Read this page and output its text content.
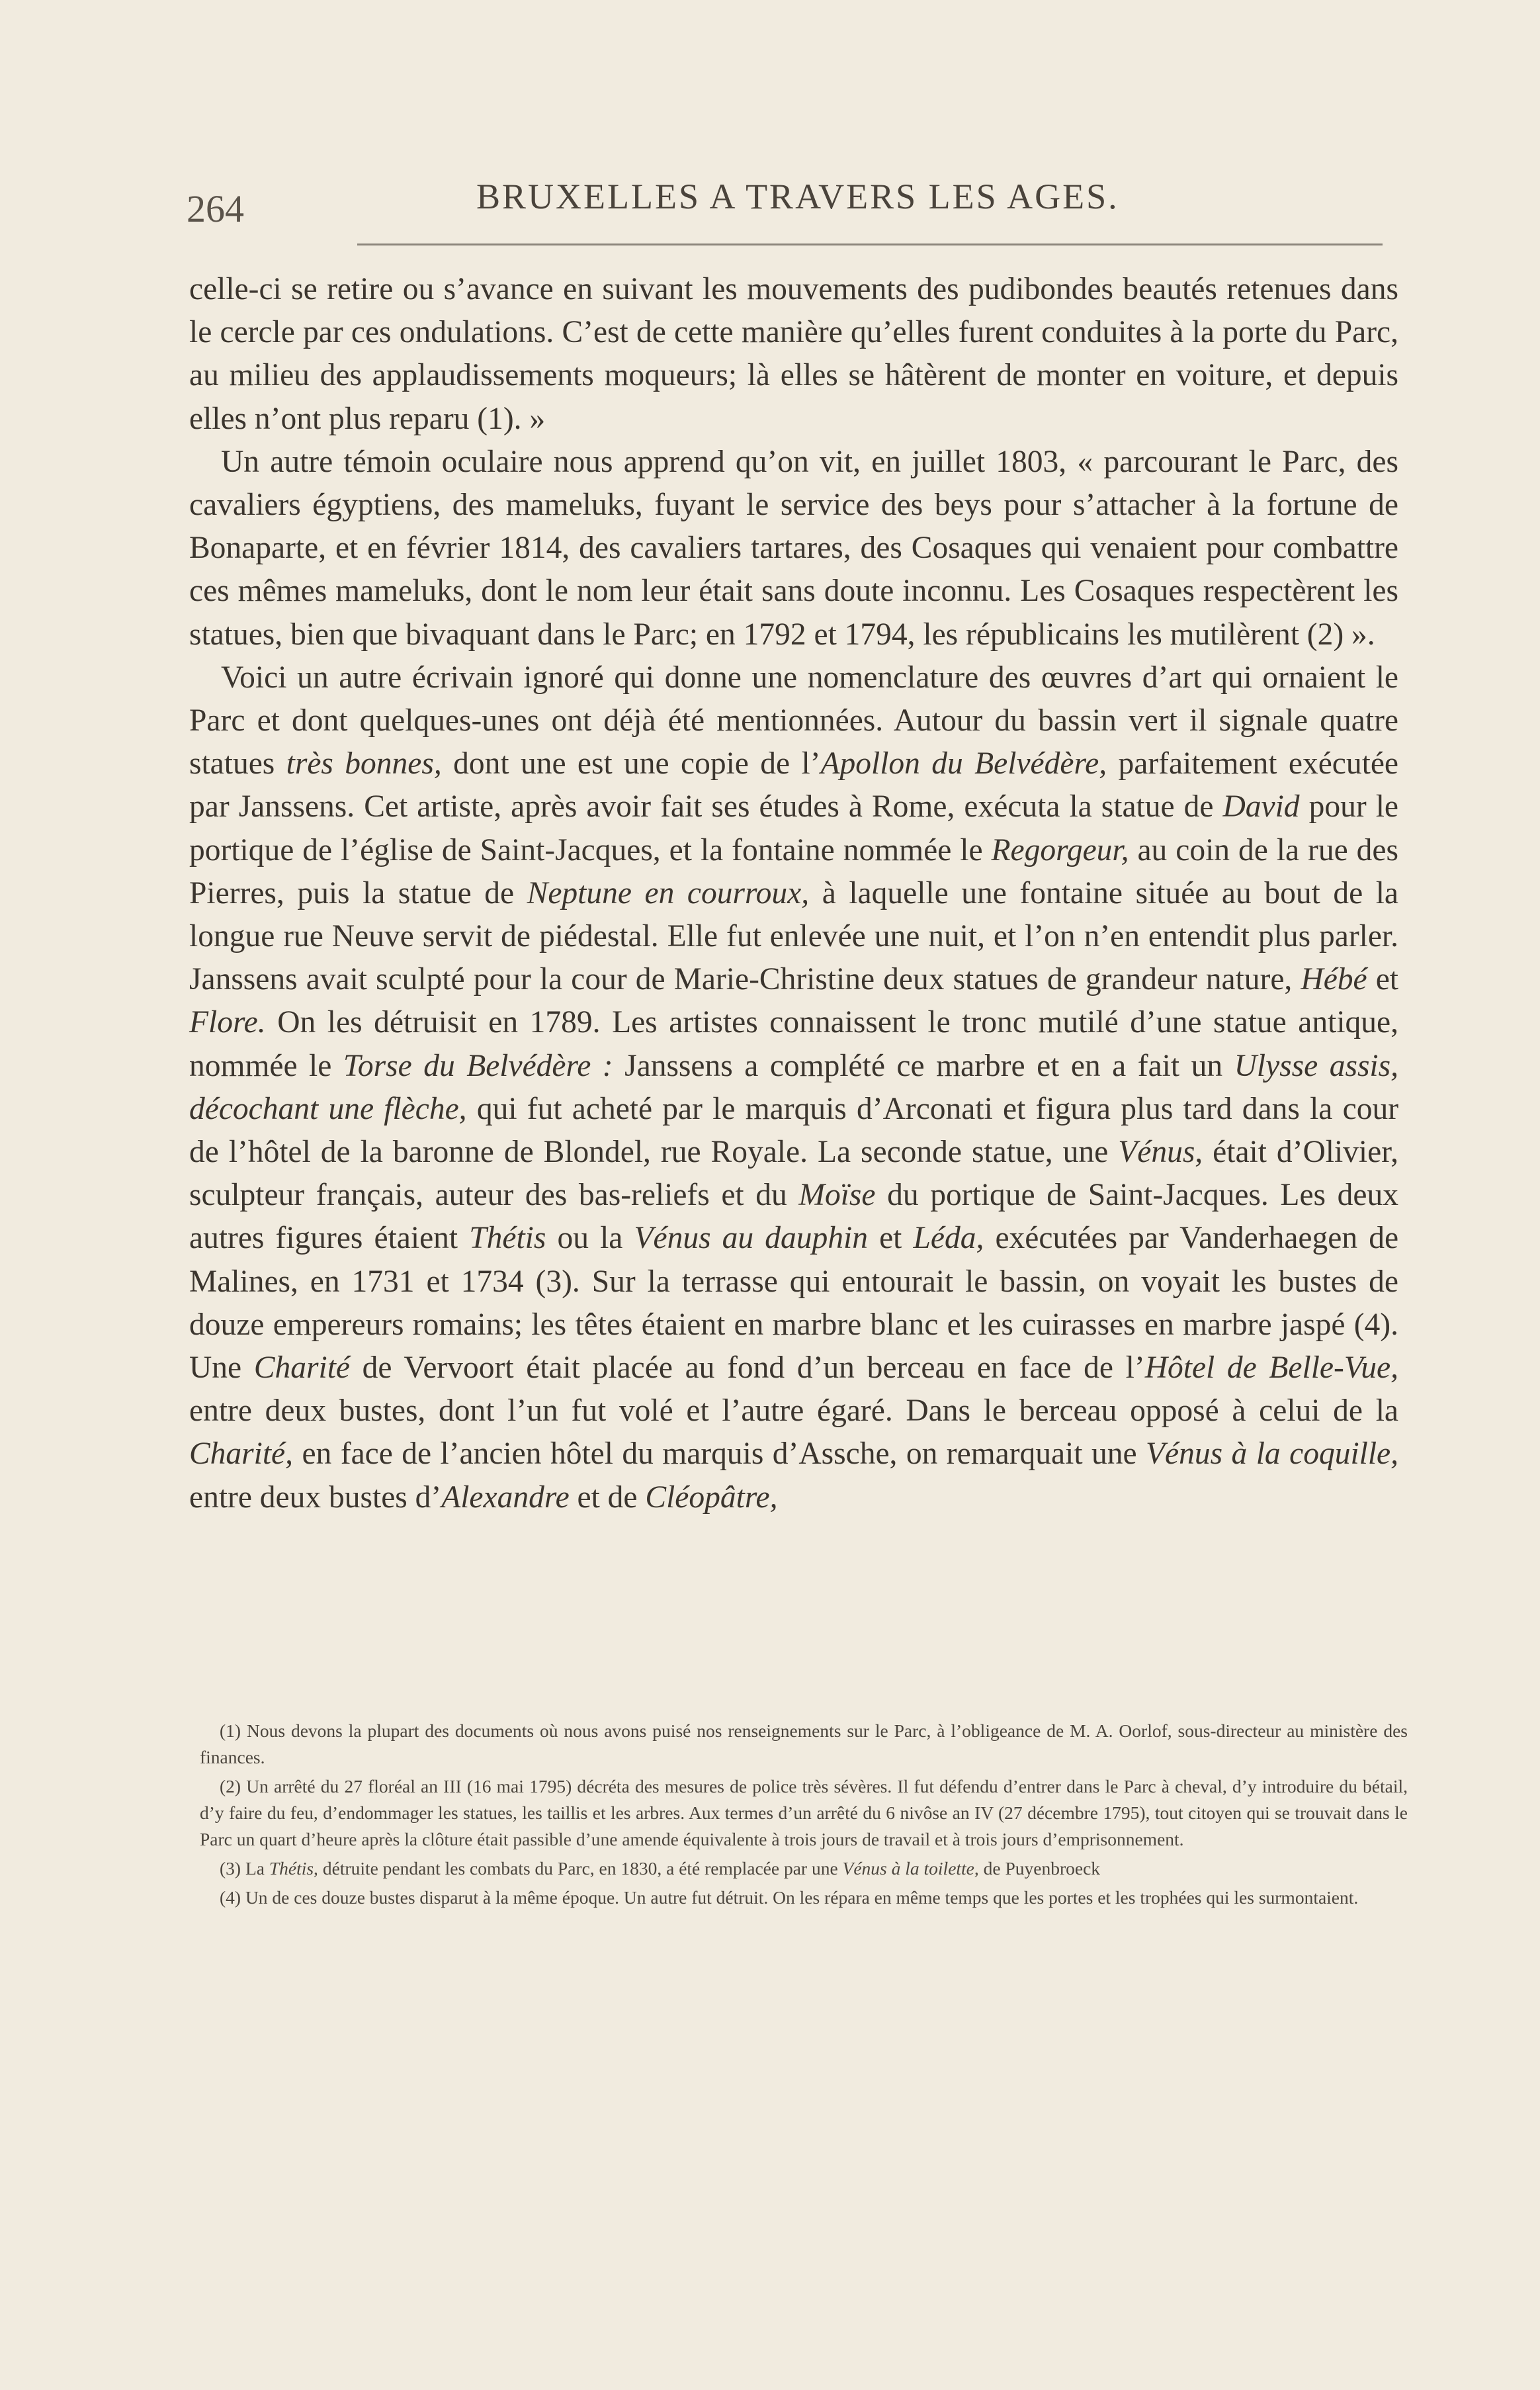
264	BRUXELLES A TRAVERS LES AGES.

celle-ci se retire ou s’avance en suivant les mouvements des pudibondes beautés retenues dans le cercle par ces ondulations. C’est de cette manière qu’elles furent conduites à la porte du Parc, au milieu des applaudissements moqueurs; là elles se hâtèrent de monter en voiture, et depuis elles n’ont plus reparu (1). »

Un autre témoin oculaire nous apprend qu’on vit, en juillet 1803, « parcourant le Parc, des cavaliers égyptiens, des mameluks, fuyant le service des beys pour s’attacher à la fortune de Bonaparte, et en février 1814, des cavaliers tartares, des Cosaques qui venaient pour combattre ces mêmes mameluks, dont le nom leur était sans doute inconnu. Les Cosaques respectèrent les statues, bien que bivaquant dans le Parc; en 1792 et 1794, les républicains les mutilèrent (2) ».

Voici un autre écrivain ignoré qui donne une nomenclature des œuvres d’art qui ornaient le Parc et dont quelques-unes ont déjà été mentionnées. Autour du bassin vert il signale quatre statues très bonnes, dont une est une copie de l’Apollon du Belvédère, parfaitement exécutée par Janssens. Cet artiste, après avoir fait ses études à Rome, exécuta la statue de David pour le portique de l’église de Saint-Jacques, et la fontaine nommée le Regorgeur, au coin de la rue des Pierres, puis la statue de Neptune en courroux, à laquelle une fontaine située au bout de la longue rue Neuve servit de piédestal. Elle fut enlevée une nuit, et l’on n’en entendit plus parler. Janssens avait sculpté pour la cour de Marie-Christine deux statues de grandeur nature, Hébé et Flore. On les détruisit en 1789. Les artistes connaissent le tronc mutilé d’une statue antique, nommée le Torse du Belvédère : Janssens a complété ce marbre et en a fait un Ulysse assis, décochant une flèche, qui fut acheté par le marquis d’Arconati et figura plus tard dans la cour de l’hôtel de la baronne de Blondel, rue Royale. La seconde statue, une Vénus, était d’Olivier, sculpteur français, auteur des bas-reliefs et du Moïse du portique de Saint-Jacques. Les deux autres figures étaient Thétis ou la Vénus au dauphin et Léda, exécutées par Vanderhaegen de Malines, en 1731 et 1734 (3). Sur la terrasse qui entourait le bassin, on voyait les bustes de douze empereurs romains; les têtes étaient en marbre blanc et les cuirasses en marbre jaspé (4). Une Charité de Vervoort était placée au fond d’un berceau en face de l’Hôtel de Belle-Vue, entre deux bustes, dont l’un fut volé et l’autre égaré. Dans le berceau opposé à celui de la Charité, en face de l’ancien hôtel du marquis d’Assche, on remarquait une Vénus à la coquille, entre deux bustes d’Alexandre et de Cléopâtre,

(1) Nous devons la plupart des documents où nous avons puisé nos renseignements sur le Parc, à l’obligeance de M. A. Oorlof, sous-directeur au ministère des finances.

(2) Un arrêté du 27 floréal an III (16 mai 1795) décréta des mesures de police très sévères. Il fut défendu d’entrer dans le Parc à cheval, d’y introduire du bétail, d’y faire du feu, d’endommager les statues, les taillis et les arbres. Aux termes d’un arrêté du 6 nivôse an IV (27 décembre 1795), tout citoyen qui se trouvait dans le Parc un quart d’heure après la clôture était passible d’une amende équivalente à trois jours de travail et à trois jours d’emprisonnement.

(3) La Thétis, détruite pendant les combats du Parc, en 1830, a été remplacée par une Vénus à la toilette, de Puyenbroeck

(4) Un de ces douze bustes disparut à la même époque. Un autre fut détruit. On les répara en même temps que les portes et les trophées qui les surmontaient.
